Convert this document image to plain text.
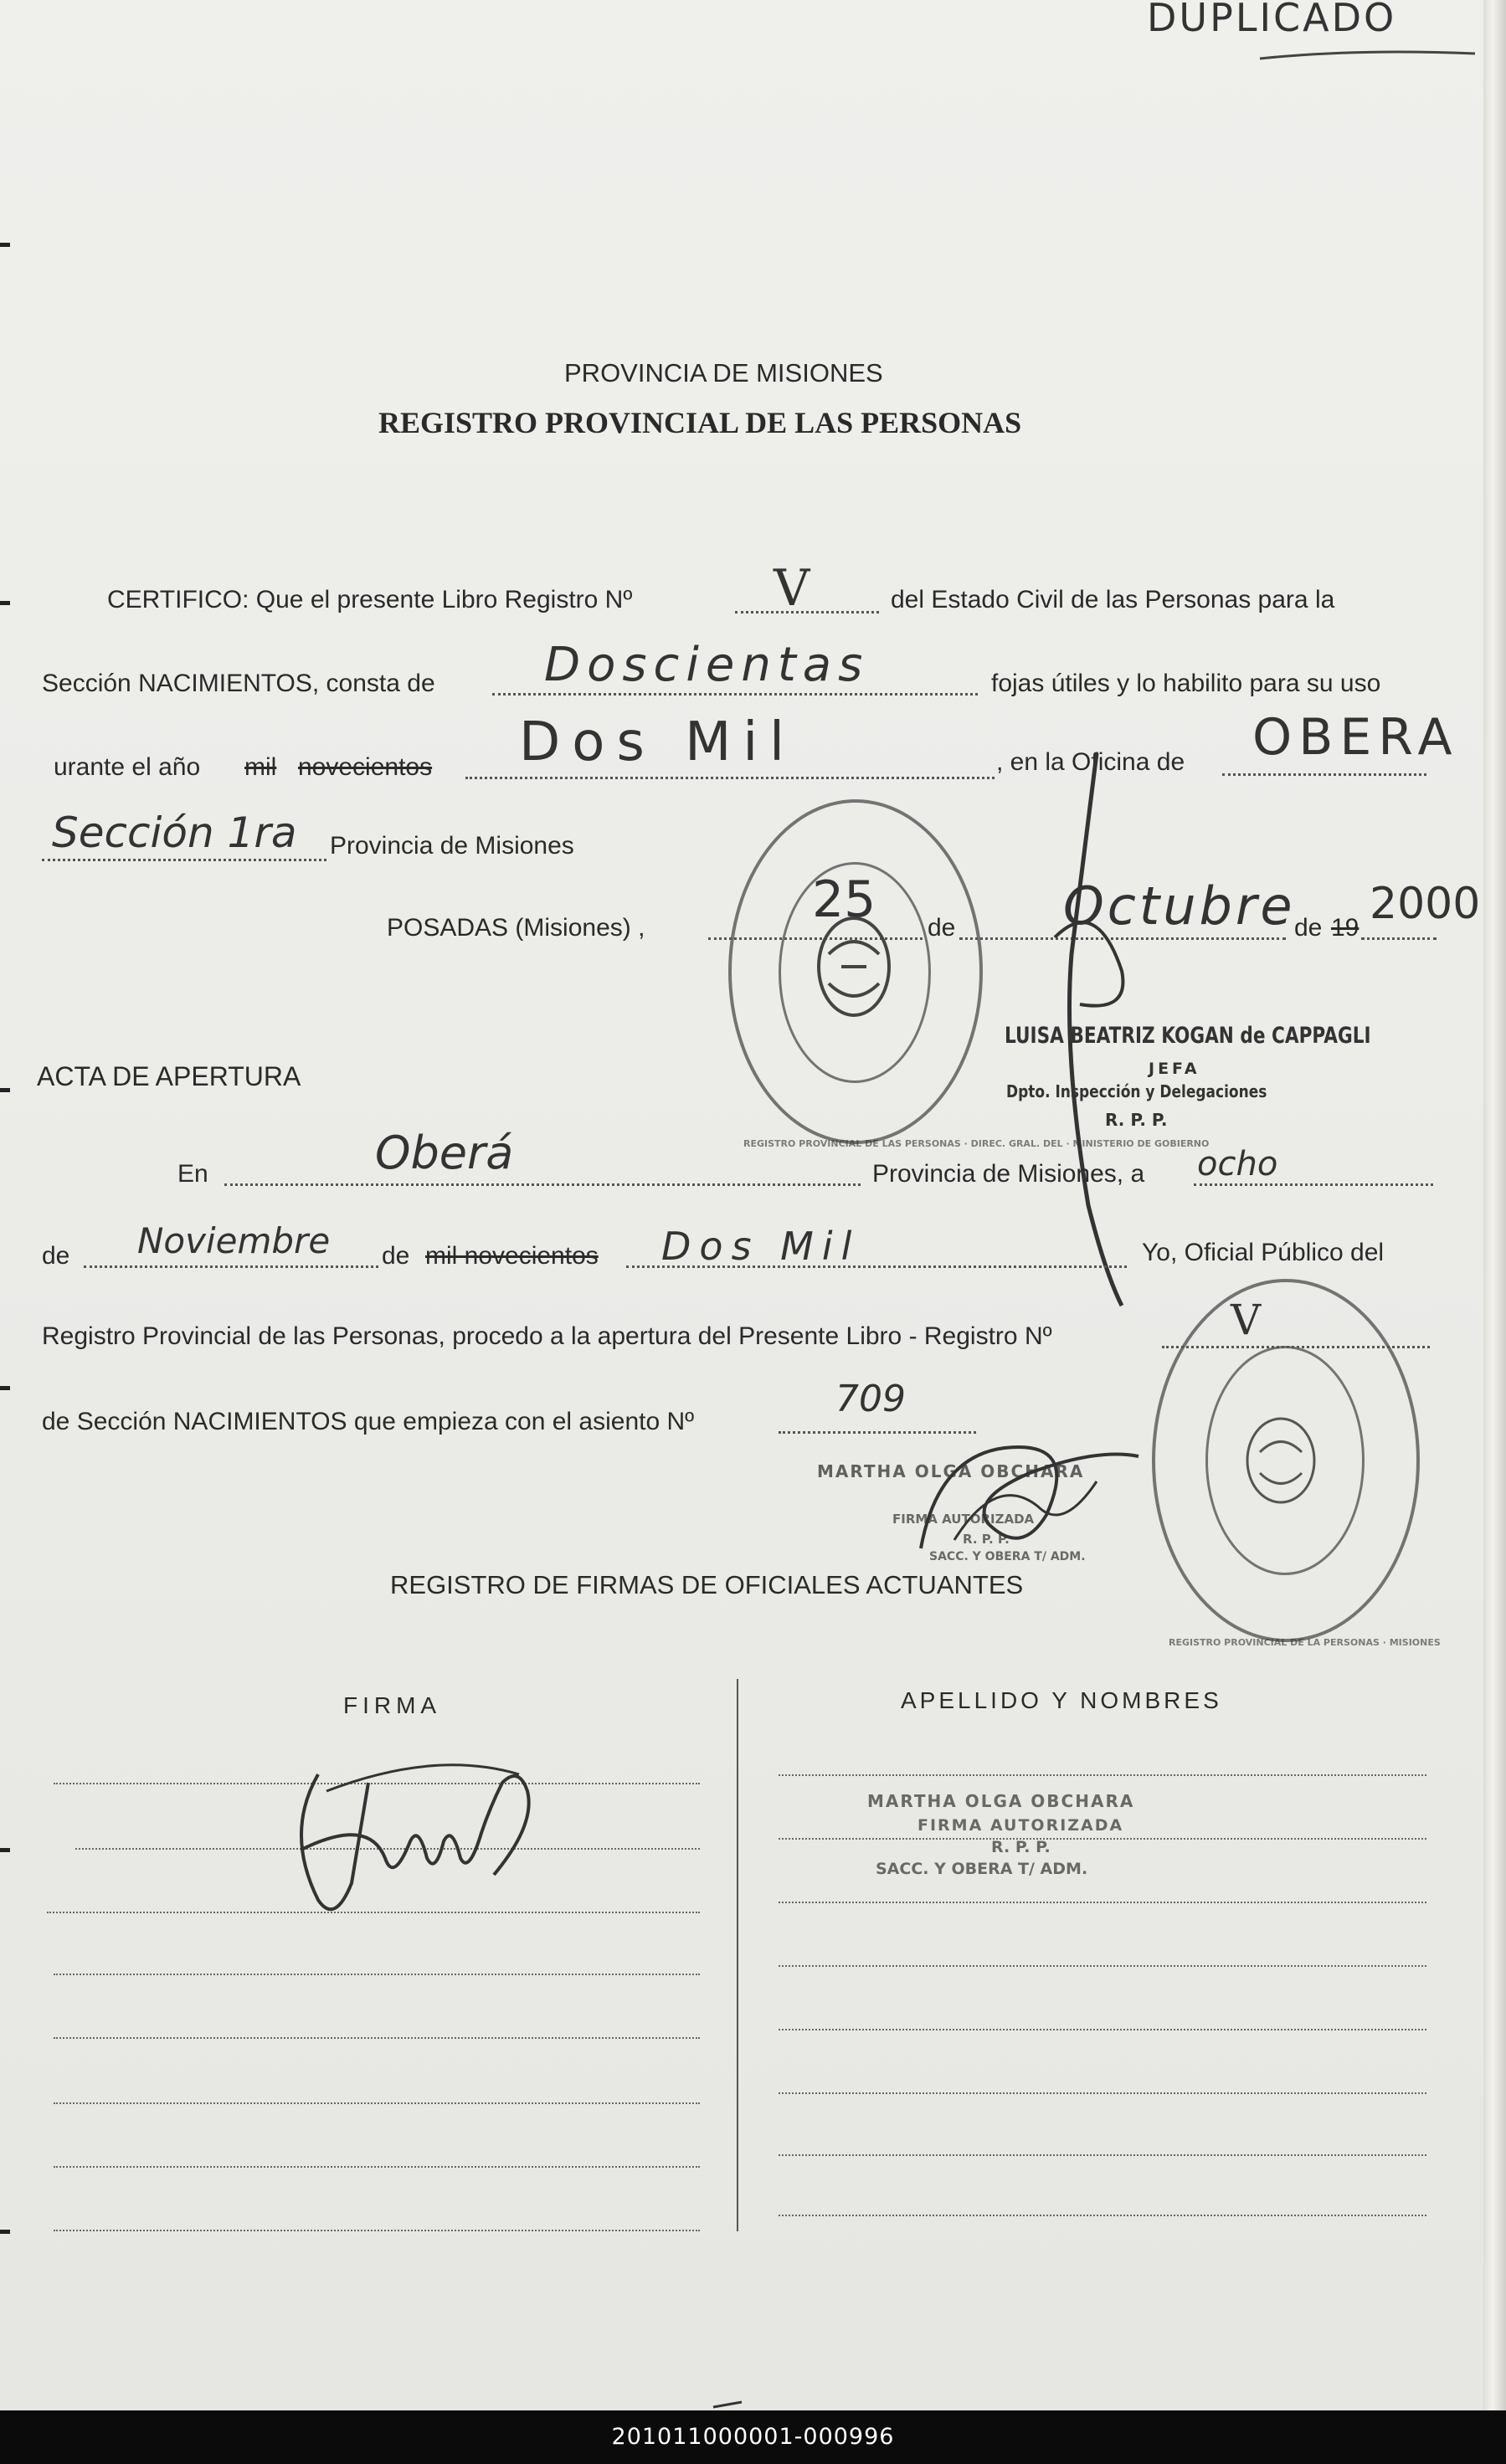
DUPLICADO
PROVINCIA DE MISIONES
REGISTRO PROVINCIAL DE LAS PERSONAS
CERTIFICO: Que el presente Libro Registro Nº	V	del Estado Civil de las Personas para la
Sección NACIMIENTOS, consta de Doscientas	fojas útiles y lo habilito para su uso
urante el año mil novecientos Dos Mil	, en la Oficina de OBERA
Sección 1ra Provincia de Misiones
POSADAS (Misiones) ,	25 de Octubre
de 19 2000
REGISTRO PROVINCIAL DE LAS PERSONAS · DIREC. GRAL. DEL · MINISTERIO DE GOBIERNO
LUISA BEATRIZ KOGAN de CAPPAGLI
JEFA
Dpto. Inspección y Delegaciones
R. P. P.
ACTA DE APERTURA
En	Oberá	Provincia de Misiones, a ocho
de Noviembre de mil novecientos Dos Mil	Yo, Oficial Público del
Registro Provincial de las Personas, procedo a la apertura del Presente Libro - Registro Nº	V
de Sección NACIMIENTOS que empieza con el asiento Nº
709
REGISTRO PROVINCIAL DE LA PERSONAS · MISIONES
MARTHA OLGA OBCHARA
FIRMA AUTORIZADA
R. P. P.
SACC. Y OBERA T/ ADM.
REGISTRO DE FIRMAS DE OFICIALES ACTUANTES
FIRMA	APELLIDO Y NOMBRES
MARTHA OLGA OBCHARA
FIRMA AUTORIZADA
R. P. P.
SACC. Y OBERA T/ ADM.
201011000001-000996
